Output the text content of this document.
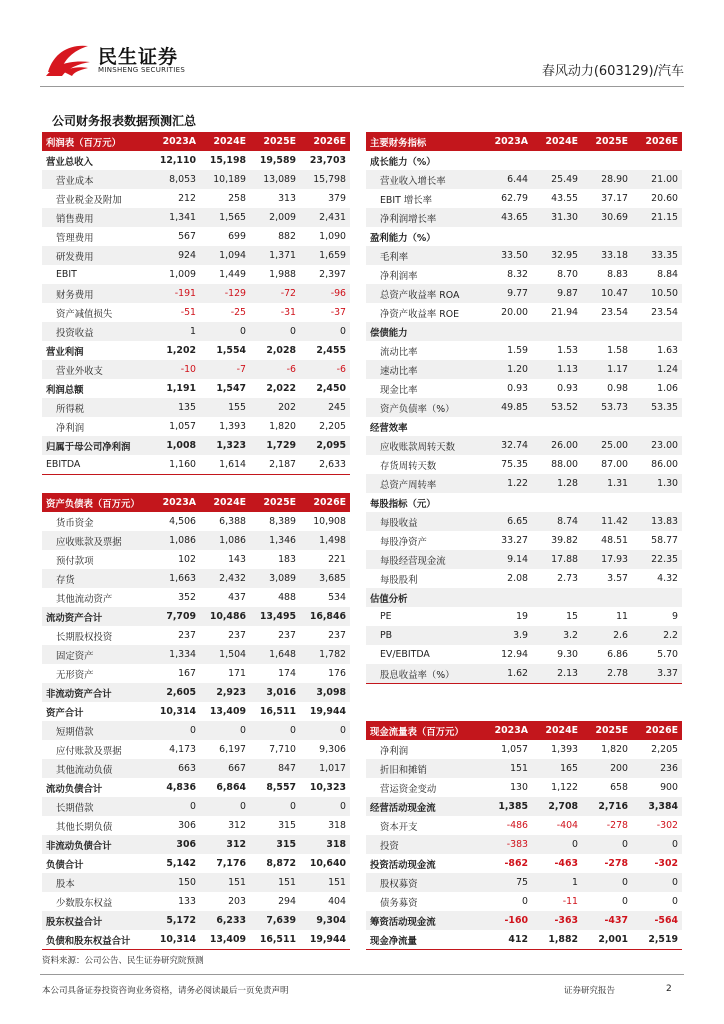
民生证券
MINSHENG SECURITIES	春风动力(603129)/汽车
公司财务报表数据预测汇总
利润表（百万元）	2023A	2024E	2025E	2026E
营业总收入	12,110	15,198	19,589	23,703
营业成本	8,053	10,189	13,089	15,798
营业税金及附加	212	258	313	379
销售费用	1,341	1,565	2,009	2,431
管理费用	567	699	882	1,090
研发费用	924	1,094	1,371	1,659
EBIT	1,009	1,449	1,988	2,397
财务费用	-191	-129	-72	-96
资产减值损失	-51	-25	-31	-37
投资收益	1	0	0	0
营业利润	1,202	1,554	2,028	2,455
营业外收支	-10	-7	-6	-6
利润总额	1,191	1,547	2,022	2,450
所得税	135	155	202	245
净利润	1,057	1,393	1,820	2,205
归属于母公司净利润	1,008	1,323	1,729	2,095
EBITDA	1,160	1,614	2,187	2,633
主要财务指标	2023A	2024E	2025E	2026E
成长能力（%）				
营业收入增长率	6.44	25.49	28.90	21.00
EBIT 增长率	62.79	43.55	37.17	20.60
净利润增长率	43.65	31.30	30.69	21.15
盈利能力（%）				
毛利率	33.50	32.95	33.18	33.35
净利润率	8.32	8.70	8.83	8.84
总资产收益率 ROA	9.77	9.87	10.47	10.50
净资产收益率 ROE	20.00	21.94	23.54	23.54
偿债能力				
流动比率	1.59	1.53	1.58	1.63
速动比率	1.20	1.13	1.17	1.24
现金比率	0.93	0.93	0.98	1.06
资产负债率（%）	49.85	53.52	53.73	53.35
经营效率				
应收账款周转天数	32.74	26.00	25.00	23.00
存货周转天数	75.35	88.00	87.00	86.00
总资产周转率	1.22	1.28	1.31	1.30
每股指标（元）				
每股收益	6.65	8.74	11.42	13.83
每股净资产	33.27	39.82	48.51	58.77
每股经营现金流	9.14	17.88	17.93	22.35
每股股利	2.08	2.73	3.57	4.32
估值分析				
PE	19	15	11	9
PB	3.9	3.2	2.6	2.2
EV/EBITDA	12.94	9.30	6.86	5.70
股息收益率（%）	1.62	2.13	2.78	3.37
资产负债表（百万元）	2023A	2024E	2025E	2026E
货币资金	4,506	6,388	8,389	10,908
应收账款及票据	1,086	1,086	1,346	1,498
预付款项	102	143	183	221
存货	1,663	2,432	3,089	3,685
其他流动资产	352	437	488	534
流动资产合计	7,709	10,486	13,495	16,846
长期股权投资	237	237	237	237
固定资产	1,334	1,504	1,648	1,782
无形资产	167	171	174	176
非流动资产合计	2,605	2,923	3,016	3,098
资产合计	10,314	13,409	16,511	19,944
短期借款	0	0	0	0
应付账款及票据	4,173	6,197	7,710	9,306
其他流动负债	663	667	847	1,017
流动负债合计	4,836	6,864	8,557	10,323
长期借款	0	0	0	0
其他长期负债	306	312	315	318
非流动负债合计	306	312	315	318
负债合计	5,142	7,176	8,872	10,640
股本	150	151	151	151
少数股东权益	133	203	294	404
股东权益合计	5,172	6,233	7,639	9,304
负债和股东权益合计	10,314	13,409	16,511	19,944
现金流量表（百万元）	2023A	2024E	2025E	2026E
净利润	1,057	1,393	1,820	2,205
折旧和摊销	151	165	200	236
营运资金变动	130	1,122	658	900
经营活动现金流	1,385	2,708	2,716	3,384
资本开支	-486	-404	-278	-302
投资	-383	0	0	0
投资活动现金流	-862	-463	-278	-302
股权募资	75	1	0	0
债务募资	0	-11	0	0
筹资活动现金流	-160	-363	-437	-564
现金净流量	412	1,882	2,001	2,519
资料来源：公司公告、民生证券研究院预测
本公司具备证券投资咨询业务资格，请务必阅读最后一页免责声明	证券研究报告	2
